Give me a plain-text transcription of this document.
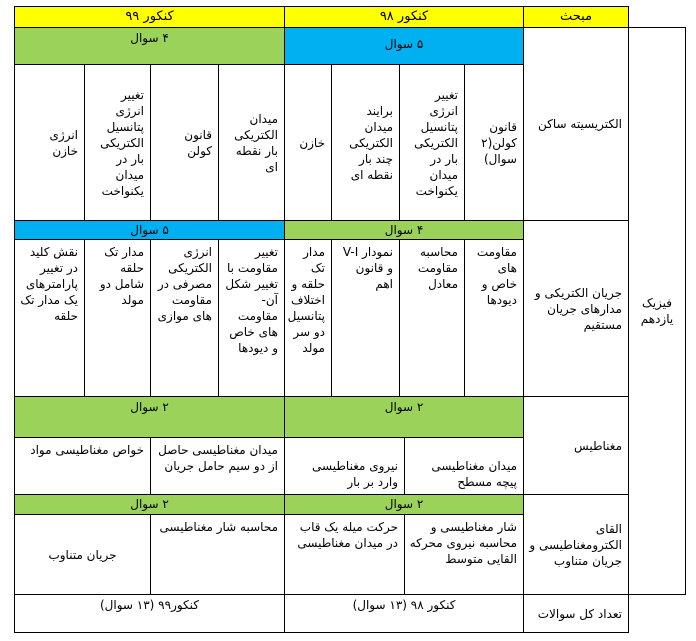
مبحث
کنکور ۹۸
کنکور ۹۹
فیزیک یازدهم
الکتریسیته ساکن
۵ سوال
۴ سوال
قانون کولن(۲ سوال)
تغییر انرژی پتانسیل الکتریکی بار در میدان یکنواخت
برایند میدان الکتریکی چند بار نقطه ای
خازن
میدان الکتریکی بار نقطه ای
قانون کولن
تغییر انرژی پتانسیل الکتریکی بار در میدان یکنواخت
انرژی خازن
جریان الکتریکی و مدارهای جریان مستقیم
۴ سوال
۵ سوال
مقاومت های خاص و دیودها
محاسبه مقاومت معادل
نمودار V-I و قانون اهم
مدار تک حلقه و اختلاف پتانسیل دو سر مولد
تغییر مقاومت با تغییر شکل آن- مقاومت های خاص و دیودها
انرژی الکتریکی مصرفی در مقاومت های موازی
مدار تک حلقه شامل دو مولد
نقش کلید در تغییر پارامترهای یک مدار تک حلقه
مغناطیس
۲ سوال
۲ سوال
میدان مغناطیسی پیچه مسطح
نیروی مغناطیسی وارد بر بار
میدان مغناطیسی حاصل از دو سیم حامل جریان
خواص مغناطیسی مواد
القای الکترومغناطیسی و جریان متناوب
۲ سوال
۲ سوال
شار مغناطیسی و محاسبه نیروی محرکه القایی متوسط
حرکت میله یک قاب در میدان مغناطیسی
محاسبه شار مغناطیسی
جریان متناوب
تعداد کل سوالات
کنکور ۹۸ (۱۳ سوال)
کنکور۹۹ (۱۳ سوال)
